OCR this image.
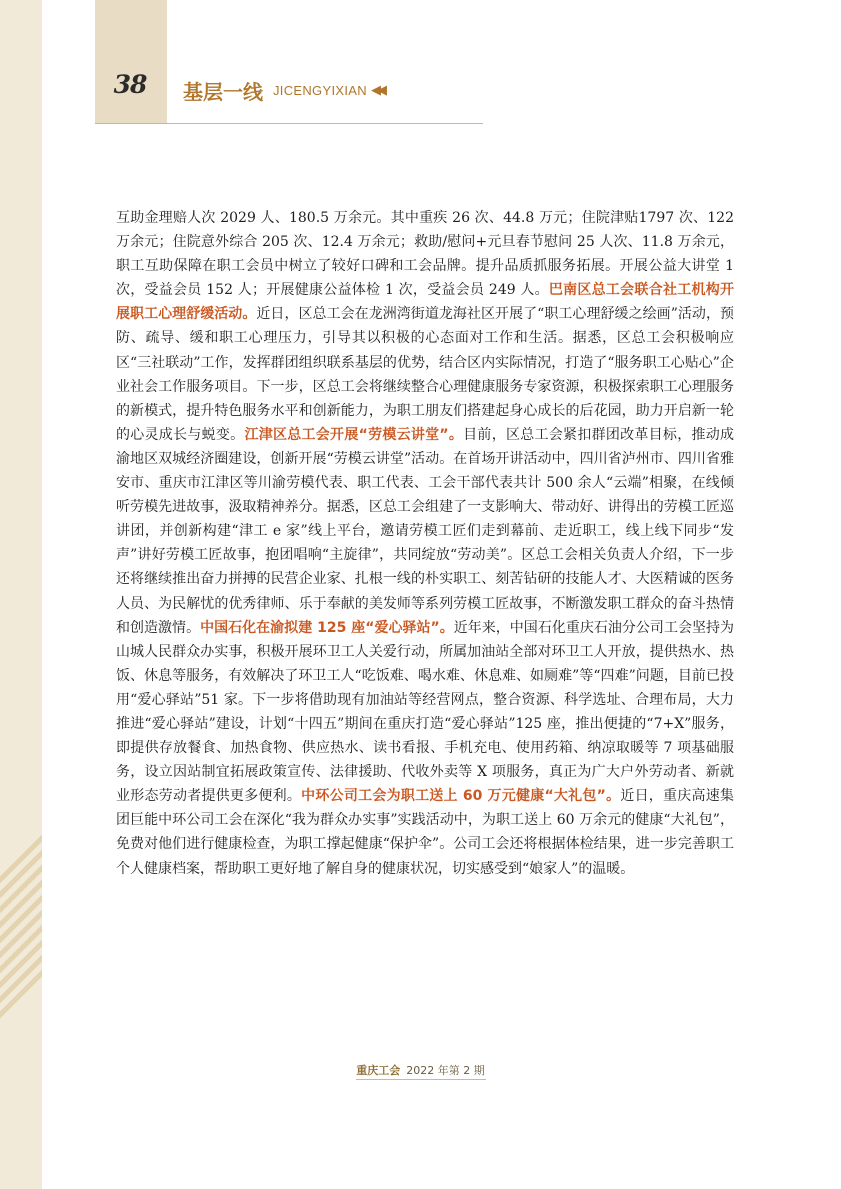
38	基层一线 JICENGYIXIAN ◀◀

互助金理赔人次 2029 人、180.5 万余元。其中重疾 26 次、44.8 万元；住院津贴1797 次、122 万余元；住院意外综合 205 次、12.4 万余元；救助/慰问+元旦春节慰问 25 人次、11.8 万余元，职工互助保障在职工会员中树立了较好口碑和工会品牌。提升品质抓服务拓展。开展公益大讲堂 1 次，受益会员 152 人；开展健康公益体检 1 次，受益会员 249 人。巴南区总工会联合社工机构开展职工心理舒缓活动。近日，区总工会在龙洲湾街道龙海社区开展了“职工心理舒缓之绘画”活动，预防、疏导、缓和职工心理压力，引导其以积极的心态面对工作和生活。据悉，区总工会积极响应区“三社联动”工作，发挥群团组织联系基层的优势，结合区内实际情况，打造了“服务职工心贴心”企业社会工作服务项目。下一步，区总工会将继续整合心理健康服务专家资源，积极探索职工心理服务的新模式，提升特色服务水平和创新能力，为职工朋友们搭建起身心成长的后花园，助力开启新一轮的心灵成长与蜕变。江津区总工会开展“劳模云讲堂”。目前，区总工会紧扣群团改革目标，推动成渝地区双城经济圈建设，创新开展“劳模云讲堂”活动。在首场开讲活动中，四川省泸州市、四川省雅安市、重庆市江津区等川渝劳模代表、职工代表、工会干部代表共计 500 余人“云端”相聚，在线倾听劳模先进故事，汲取精神养分。据悉，区总工会组建了一支影响大、带动好、讲得出的劳模工匠巡讲团，并创新构建“津工 e 家”线上平台，邀请劳模工匠们走到幕前、走近职工，线上线下同步“发声”讲好劳模工匠故事，抱团唱响“主旋律”，共同绽放“劳动美”。区总工会相关负责人介绍，下一步还将继续推出奋力拼搏的民营企业家、扎根一线的朴实职工、刻苦钻研的技能人才、大医精诚的医务人员、为民解忧的优秀律师、乐于奉献的美发师等系列劳模工匠故事，不断激发职工群众的奋斗热情和创造激情。中国石化在渝拟建 125 座“爱心驿站”。近年来，中国石化重庆石油分公司工会坚持为山城人民群众办实事，积极开展环卫工人关爱行动，所属加油站全部对环卫工人开放，提供热水、热饭、休息等服务，有效解决了环卫工人“吃饭难、喝水难、休息难、如厕难”等“四难”问题，目前已投用“爱心驿站”51 家。下一步将借助现有加油站等经营网点，整合资源、科学选址、合理布局，大力推进“爱心驿站”建设，计划“十四五”期间在重庆打造“爱心驿站”125 座，推出便捷的“7+X”服务，即提供存放餐食、加热食物、供应热水、读书看报、手机充电、使用药箱、纳凉取暖等 7 项基础服务，设立因站制宜拓展政策宣传、法律援助、代收外卖等 X 项服务，真正为广大户外劳动者、新就业形态劳动者提供更多便利。中环公司工会为职工送上 60 万元健康“大礼包”。近日，重庆高速集团巨能中环公司工会在深化“我为群众办实事”实践活动中，为职工送上 60 万余元的健康“大礼包”，免费对他们进行健康检查，为职工撑起健康“保护伞”。公司工会还将根据体检结果，进一步完善职工个人健康档案，帮助职工更好地了解自身的健康状况，切实感受到“娘家人”的温暖。

重庆工会 2022 年第 2 期
